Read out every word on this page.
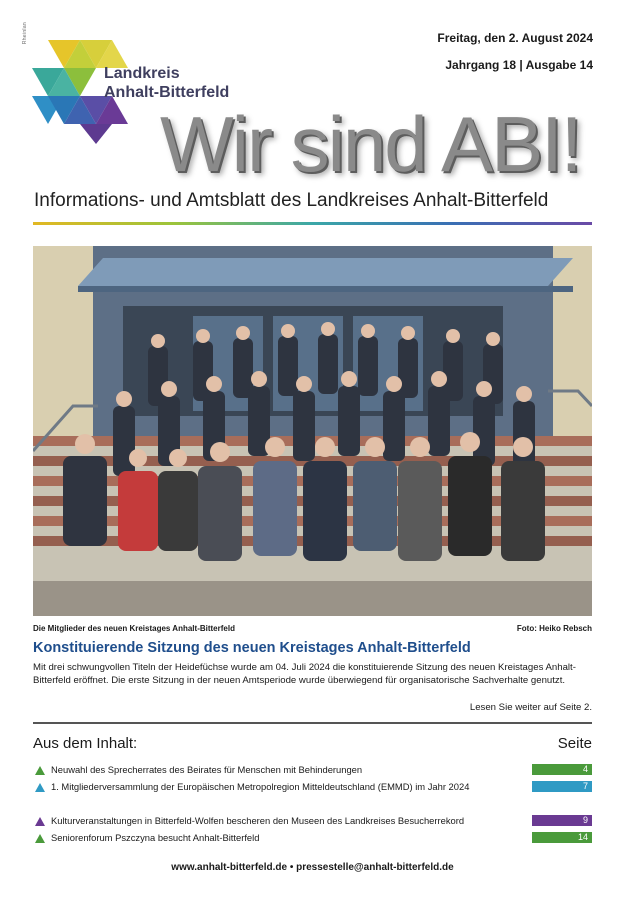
Rheinlan
Landkreis
Anhalt-Bitterfeld
Freitag, den 2. August 2024
Jahrgang 18 | Ausgabe 14
Wir sind ABI!
Informations- und Amtsblatt des Landkreises Anhalt-Bitterfeld
Die Mitglieder des neuen Kreistages Anhalt-Bitterfeld	Foto: Heiko Rebsch
Konstituierende Sitzung des neuen Kreistages Anhalt-Bitterfeld
Mit drei schwungvollen Titeln der Heidefüchse wurde am 04. Juli 2024 die konstituierende Sitzung des neuen Kreistages Anhalt-Bitterfeld eröffnet. Die erste Sitzung in der neuen Amtsperiode wurde überwiegend für organisatorische Sachverhalte genutzt.
Lesen Sie weiter auf Seite 2.
Aus dem Inhalt:	Seite
Neuwahl des Sprecherrates des Beirates für Menschen mit Behinderungen	4
1. Mitgliederversammlung der Europäischen Metropolregion Mitteldeutschland (EMMD) im Jahr 2024	7
Kulturveranstaltungen in Bitterfeld-Wolfen bescheren den Museen des Landkreises Besucherrekord	9
Seniorenforum Pszczyna besucht Anhalt-Bitterfeld	14
www.anhalt-bitterfeld.de • pressestelle@anhalt-bitterfeld.de
